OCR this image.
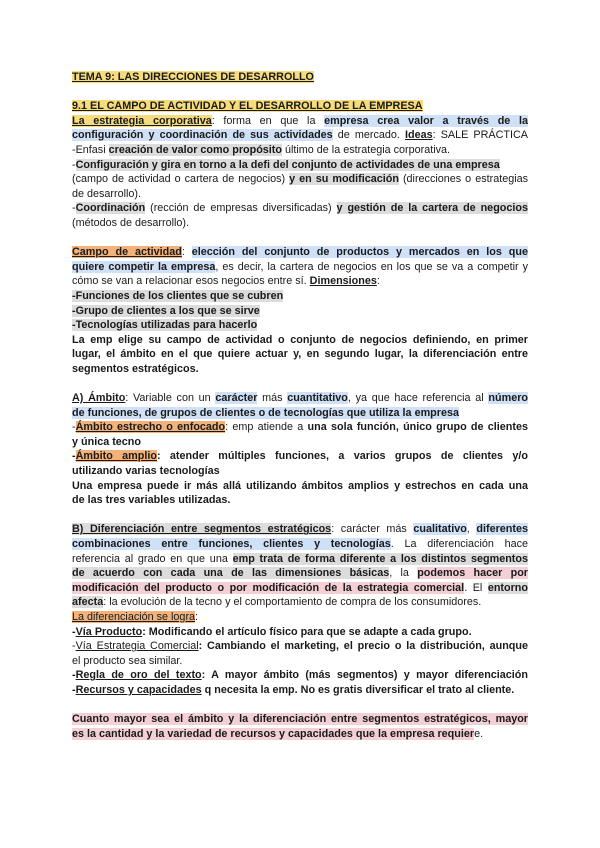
TEMA 9: LAS DIRECCIONES DE DESARROLLO
9.1 EL CAMPO DE ACTIVIDAD Y EL DESARROLLO DE LA EMPRESA
La estrategia corporativa: forma en que la empresa crea valor a través de la
configuración y coordinación de sus actividades de mercado. Ideas: SALE PRÁCTICA
-Enfasi creación de valor como propósito último de la estrategia corporativa.
-Configuración y gira en torno a la defi del conjunto de actividades de una empresa
(campo de actividad o cartera de negocios) y en su modificación (direcciones o estrategias
de desarrollo).
-Coordinación (rección de empresas diversificadas) y gestión de la cartera de negocios
(métodos de desarrollo).
Campo de actividad: elección del conjunto de productos y mercados en los que
quiere competir la empresa, es decir, la cartera de negocios en los que se va a competir y
cómo se van a relacionar esos negocios entre sí. Dimensiones:
-Funciones de los clientes que se cubren
-Grupo de clientes a los que se sirve
-Tecnologías utilizadas para hacerlo
La emp elige su campo de actividad o conjunto de negocios definiendo, en primer
lugar, el ámbito en el que quiere actuar y, en segundo lugar, la diferenciación entre
segmentos estratégicos.
A) Ámbito: Variable con un carácter más cuantitativo, ya que hace referencia al número
de funciones, de grupos de clientes o de tecnologías que utiliza la empresa
-Ámbito estrecho o enfocado: emp atiende a una sola función, único grupo de clientes
y única tecno
-Ámbito amplio: atender múltiples funciones, a varios grupos de clientes y/o
utilizando varias tecnologías
Una empresa puede ir más allá utilizando ámbitos amplios y estrechos en cada una
de las tres variables utilizadas.
B) Diferenciación entre segmentos estratégicos: carácter más cualitativo, diferentes
combinaciones entre funciones, clientes y tecnologías. La diferenciación hace
referencia al grado en que una emp trata de forma diferente a los distintos segmentos
de acuerdo con cada una de las dimensiones básicas, la podemos hacer por
modificación del producto o por modificación de la estrategia comercial. El entorno
afecta: la evolución de la tecno y el comportamiento de compra de los consumidores.
La diferenciación se logra:
-Vía Producto: Modificando el artículo físico para que se adapte a cada grupo.
-Vía Estrategia Comercial: Cambiando el marketing, el precio o la distribución, aunque
el producto sea similar.
-Regla de oro del texto: A mayor ámbito (más segmentos) y mayor diferenciación
-Recursos y capacidades q necesita la emp. No es gratis diversificar el trato al cliente.
Cuanto mayor sea el ámbito y la diferenciación entre segmentos estratégicos, mayor
es la cantidad y la variedad de recursos y capacidades que la empresa requiere.
